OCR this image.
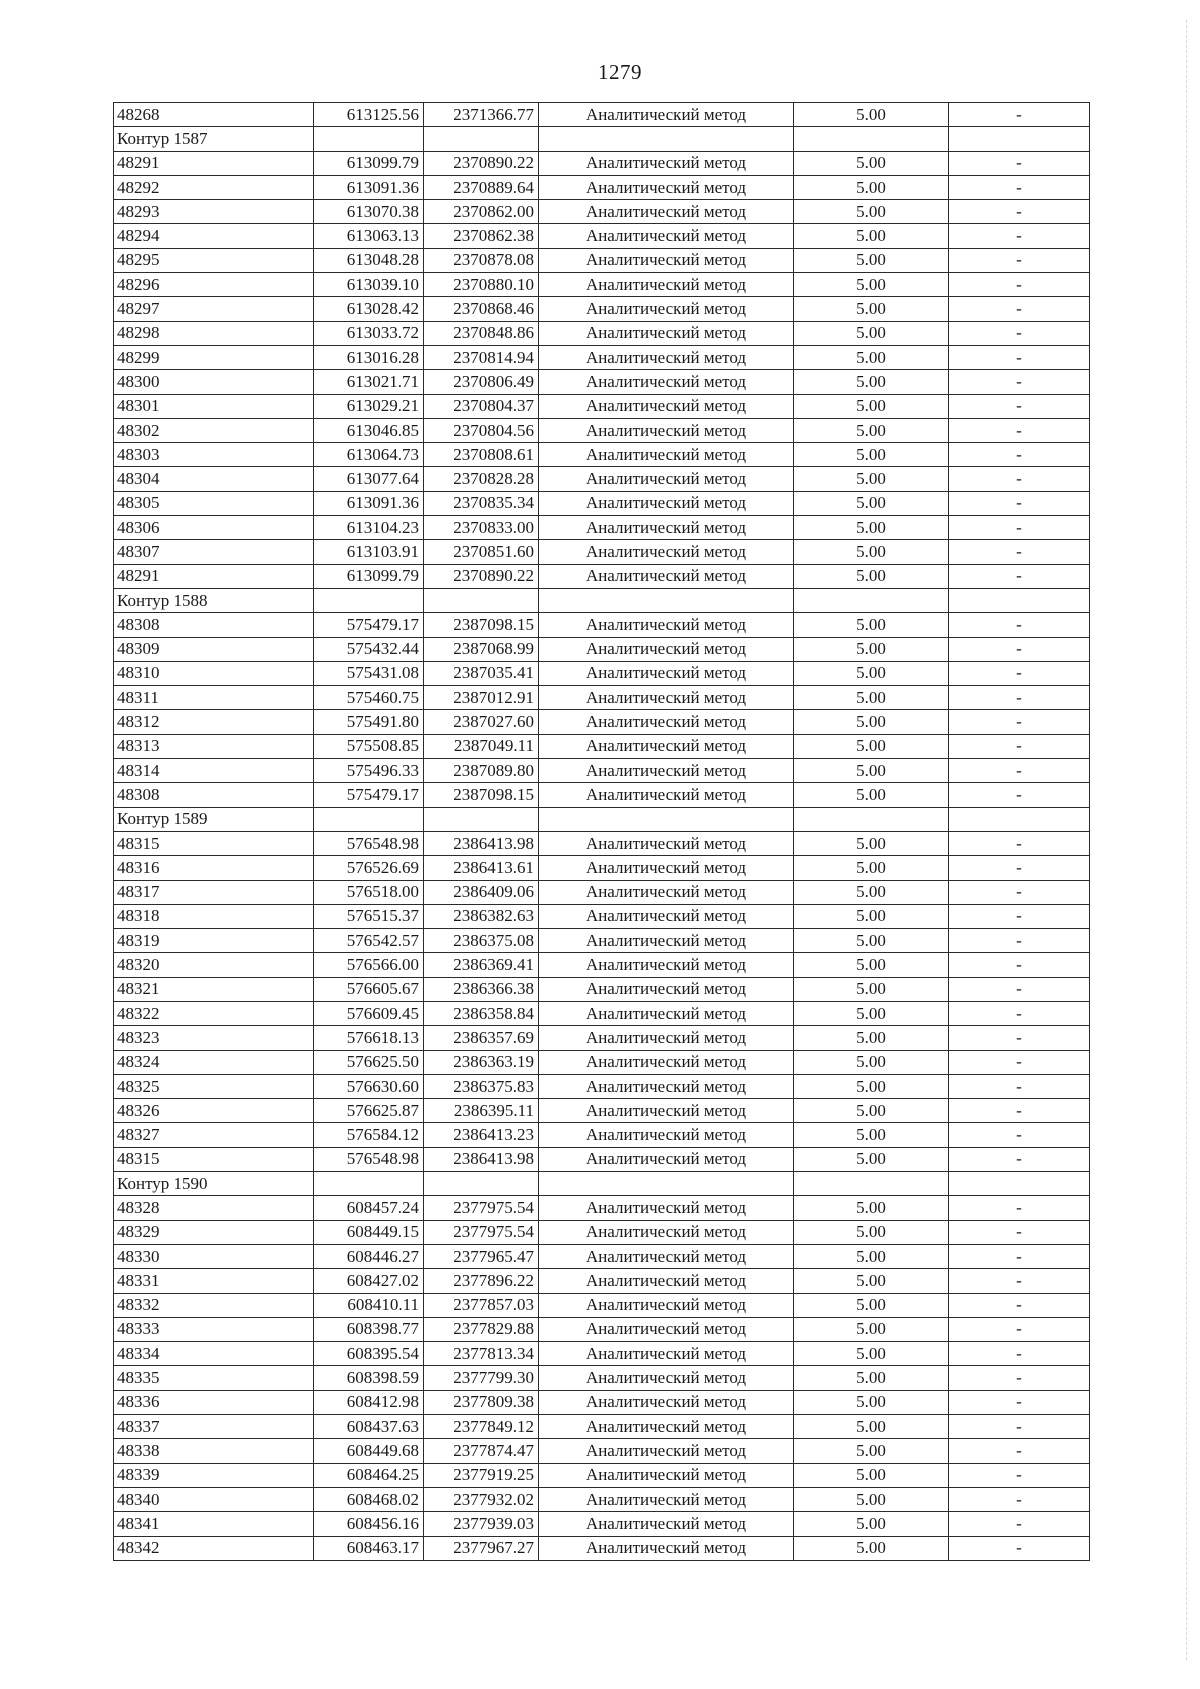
1279
48268	613125.56	2371366.77	Аналитический метод	5.00	-
Контур 1587					
48291	613099.79	2370890.22	Аналитический метод	5.00	-
48292	613091.36	2370889.64	Аналитический метод	5.00	-
48293	613070.38	2370862.00	Аналитический метод	5.00	-
48294	613063.13	2370862.38	Аналитический метод	5.00	-
48295	613048.28	2370878.08	Аналитический метод	5.00	-
48296	613039.10	2370880.10	Аналитический метод	5.00	-
48297	613028.42	2370868.46	Аналитический метод	5.00	-
48298	613033.72	2370848.86	Аналитический метод	5.00	-
48299	613016.28	2370814.94	Аналитический метод	5.00	-
48300	613021.71	2370806.49	Аналитический метод	5.00	-
48301	613029.21	2370804.37	Аналитический метод	5.00	-
48302	613046.85	2370804.56	Аналитический метод	5.00	-
48303	613064.73	2370808.61	Аналитический метод	5.00	-
48304	613077.64	2370828.28	Аналитический метод	5.00	-
48305	613091.36	2370835.34	Аналитический метод	5.00	-
48306	613104.23	2370833.00	Аналитический метод	5.00	-
48307	613103.91	2370851.60	Аналитический метод	5.00	-
48291	613099.79	2370890.22	Аналитический метод	5.00	-
Контур 1588					
48308	575479.17	2387098.15	Аналитический метод	5.00	-
48309	575432.44	2387068.99	Аналитический метод	5.00	-
48310	575431.08	2387035.41	Аналитический метод	5.00	-
48311	575460.75	2387012.91	Аналитический метод	5.00	-
48312	575491.80	2387027.60	Аналитический метод	5.00	-
48313	575508.85	2387049.11	Аналитический метод	5.00	-
48314	575496.33	2387089.80	Аналитический метод	5.00	-
48308	575479.17	2387098.15	Аналитический метод	5.00	-
Контур 1589					
48315	576548.98	2386413.98	Аналитический метод	5.00	-
48316	576526.69	2386413.61	Аналитический метод	5.00	-
48317	576518.00	2386409.06	Аналитический метод	5.00	-
48318	576515.37	2386382.63	Аналитический метод	5.00	-
48319	576542.57	2386375.08	Аналитический метод	5.00	-
48320	576566.00	2386369.41	Аналитический метод	5.00	-
48321	576605.67	2386366.38	Аналитический метод	5.00	-
48322	576609.45	2386358.84	Аналитический метод	5.00	-
48323	576618.13	2386357.69	Аналитический метод	5.00	-
48324	576625.50	2386363.19	Аналитический метод	5.00	-
48325	576630.60	2386375.83	Аналитический метод	5.00	-
48326	576625.87	2386395.11	Аналитический метод	5.00	-
48327	576584.12	2386413.23	Аналитический метод	5.00	-
48315	576548.98	2386413.98	Аналитический метод	5.00	-
Контур 1590					
48328	608457.24	2377975.54	Аналитический метод	5.00	-
48329	608449.15	2377975.54	Аналитический метод	5.00	-
48330	608446.27	2377965.47	Аналитический метод	5.00	-
48331	608427.02	2377896.22	Аналитический метод	5.00	-
48332	608410.11	2377857.03	Аналитический метод	5.00	-
48333	608398.77	2377829.88	Аналитический метод	5.00	-
48334	608395.54	2377813.34	Аналитический метод	5.00	-
48335	608398.59	2377799.30	Аналитический метод	5.00	-
48336	608412.98	2377809.38	Аналитический метод	5.00	-
48337	608437.63	2377849.12	Аналитический метод	5.00	-
48338	608449.68	2377874.47	Аналитический метод	5.00	-
48339	608464.25	2377919.25	Аналитический метод	5.00	-
48340	608468.02	2377932.02	Аналитический метод	5.00	-
48341	608456.16	2377939.03	Аналитический метод	5.00	-
48342	608463.17	2377967.27	Аналитический метод	5.00	-
